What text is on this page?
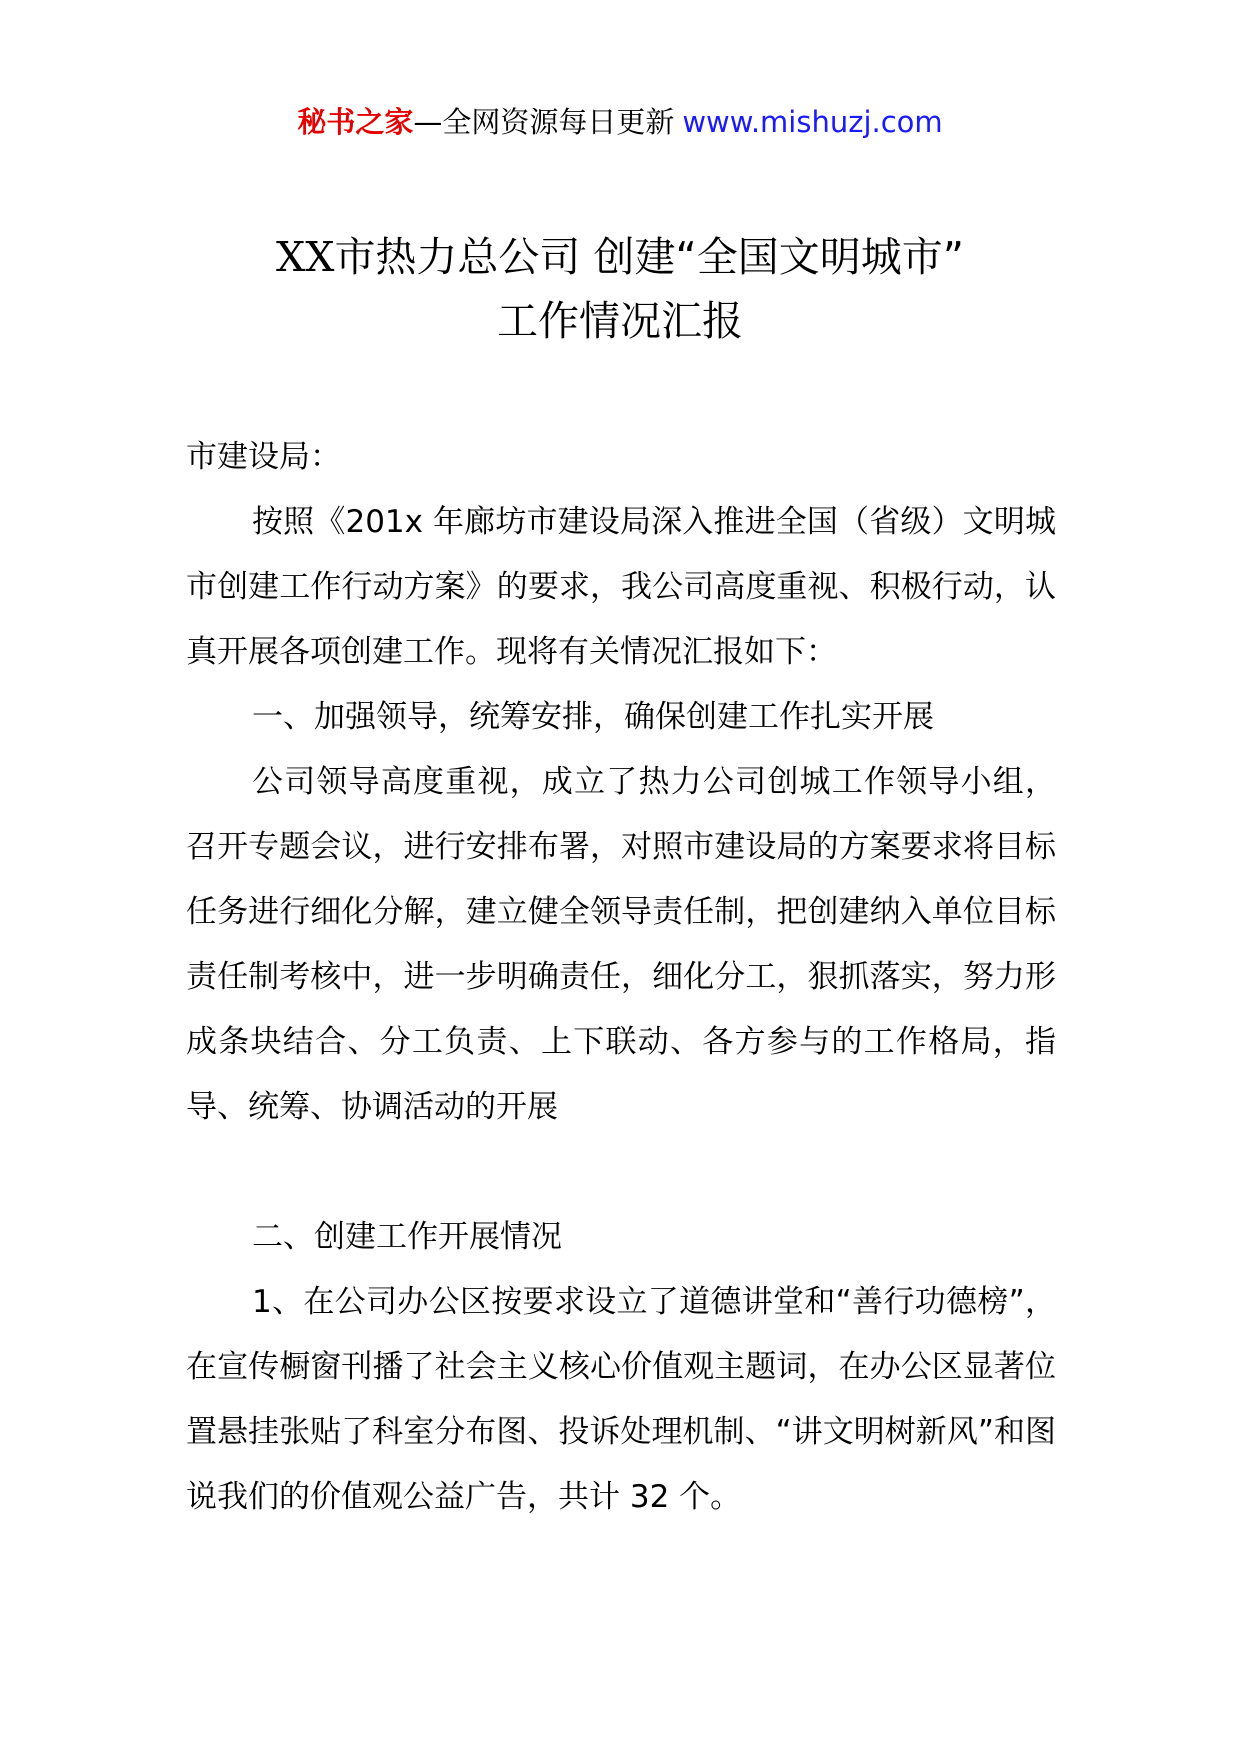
秘书之家—全网资源每日更新 www.mishuzj.com
XX市热力总公司 创建“全国文明城市”
工作情况汇报

市建设局：

按照《201x 年廊坊市建设局深入推进全国（省级）文明城市创建工作行动方案》的要求，我公司高度重视、积极行动，认真开展各项创建工作。现将有关情况汇报如下：

一、加强领导，统筹安排，确保创建工作扎实开展

公司领导高度重视，成立了热力公司创城工作领导小组，召开专题会议，进行安排布署，对照市建设局的方案要求将目标任务进行细化分解，建立健全领导责任制，把创建纳入单位目标责任制考核中，进一步明确责任，细化分工，狠抓落实，努力形成条块结合、分工负责、上下联动、各方参与的工作格局，指导、统筹、协调活动的开展

二、创建工作开展情况

1、在公司办公区按要求设立了道德讲堂和“善行功德榜”，在宣传橱窗刊播了社会主义核心价值观主题词，在办公区显著位置悬挂张贴了科室分布图、投诉处理机制、“讲文明树新风”和图说我们的价值观公益广告，共计 32 个。
